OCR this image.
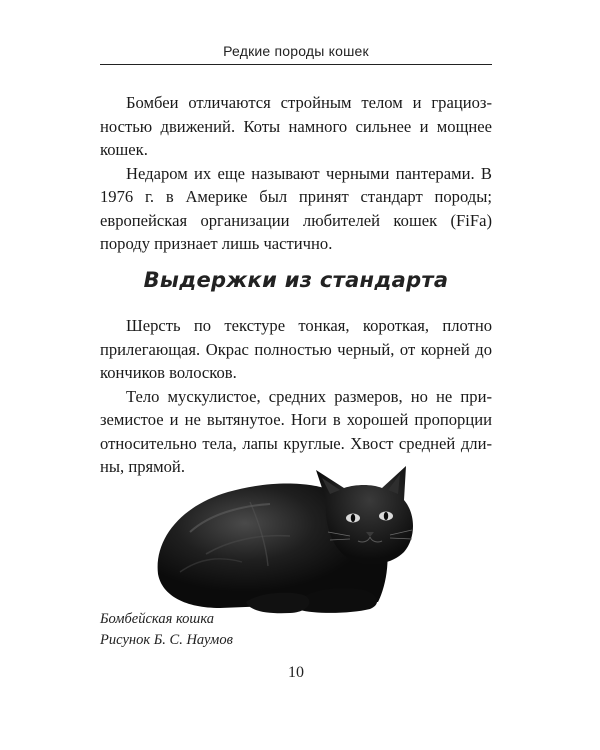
Редкие породы кошек

Бомбеи отличаются стройным телом и грациозностью движений. Коты намного сильнее и мощнее кошек.

Недаром их еще называют черными пантерами. В 1976 г. в Америке был принят стандарт породы; европейская организации любителей кошек (FiFa) породу признает лишь частично.

Выдержки из стандарта

Шерсть по текстуре тонкая, короткая, плотно прилегающая. Окрас полностью черный, от корней до кончиков волосков.

Тело мускулистое, средних размеров, но не приземистое и не вытянутое. Ноги в хорошей пропорции относительно тела, лапы круглые. Хвост средней длины, прямой.

Бомбейская кошка
Рисунок Б. С. Наумов
10
